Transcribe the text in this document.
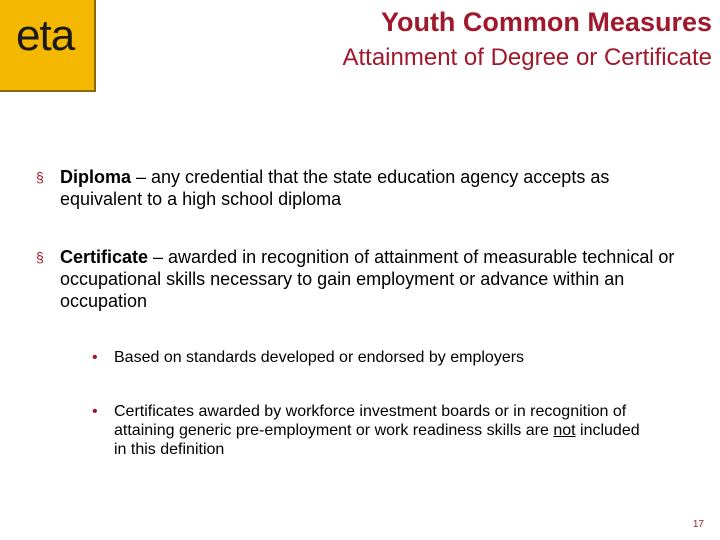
eta	Youth Common Measures
Attainment of Degree or Certificate
§ Diploma – any credential that the state education agency accepts as equivalent to a high school diploma
§ Certificate – awarded in recognition of attainment of measurable technical or occupational skills necessary to gain employment or advance within an occupation
• Based on standards developed or endorsed by employers
• Certificates awarded by workforce investment boards or in recognition of attaining generic pre-employment or work readiness skills are not included in this definition
17
